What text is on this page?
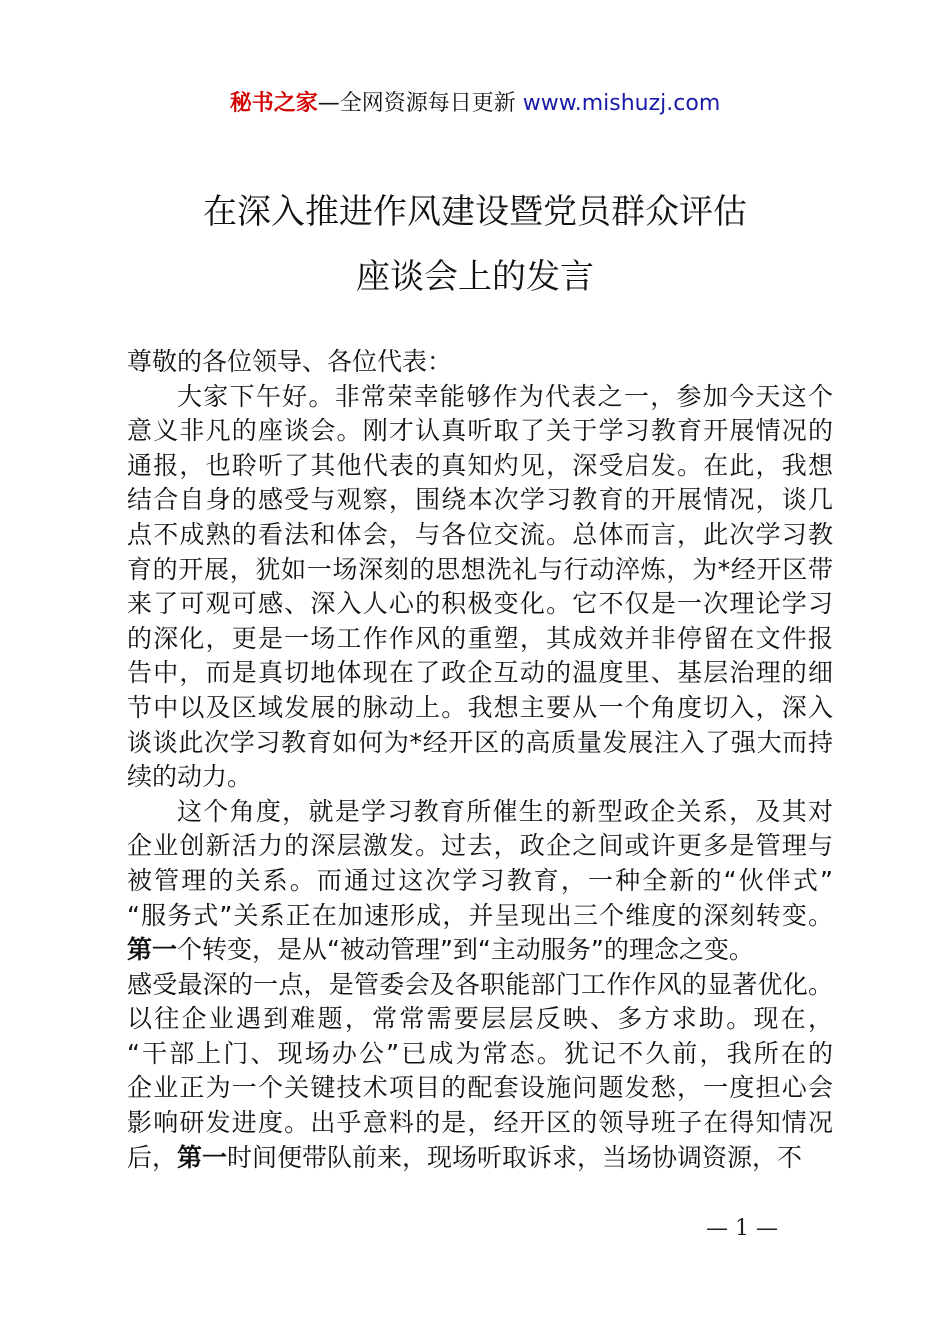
秘书之家—全网资源每日更新 www.mishuzj.com
在深入推进作风建设暨党员群众评估
座谈会上的发言
尊敬的各位领导、各位代表：
大家下午好。非常荣幸能够作为代表之一，参加今天这个
意义非凡的座谈会。刚才认真听取了关于学习教育开展情况的
通报，也聆听了其他代表的真知灼见，深受启发。在此，我想
结合自身的感受与观察，围绕本次学习教育的开展情况，谈几
点不成熟的看法和体会，与各位交流。总体而言，此次学习教
育的开展，犹如一场深刻的思想洗礼与行动淬炼，为*经开区带
来了可观可感、深入人心的积极变化。它不仅是一次理论学习
的深化，更是一场工作作风的重塑，其成效并非停留在文件报
告中，而是真切地体现在了政企互动的温度里、基层治理的细
节中以及区域发展的脉动上。我想主要从一个角度切入，深入
谈谈此次学习教育如何为*经开区的高质量发展注入了强大而持
续的动力。
这个角度，就是学习教育所催生的新型政企关系，及其对
企业创新活力的深层激发。过去，政企之间或许更多是管理与
被管理的关系。而通过这次学习教育，一种全新的“伙伴式”
“服务式”关系正在加速形成，并呈现出三个维度的深刻转变。
第一个转变，是从“被动管理”到“主动服务”的理念之变。
感受最深的一点，是管委会及各职能部门工作作风的显著优化。
以往企业遇到难题，常常需要层层反映、多方求助。现在，
“干部上门、现场办公”已成为常态。犹记不久前，我所在的
企业正为一个关键技术项目的配套设施问题发愁，一度担心会
影响研发进度。出乎意料的是，经开区的领导班子在得知情况
后，第一时间便带队前来，现场听取诉求，当场协调资源，不
— 1 —
